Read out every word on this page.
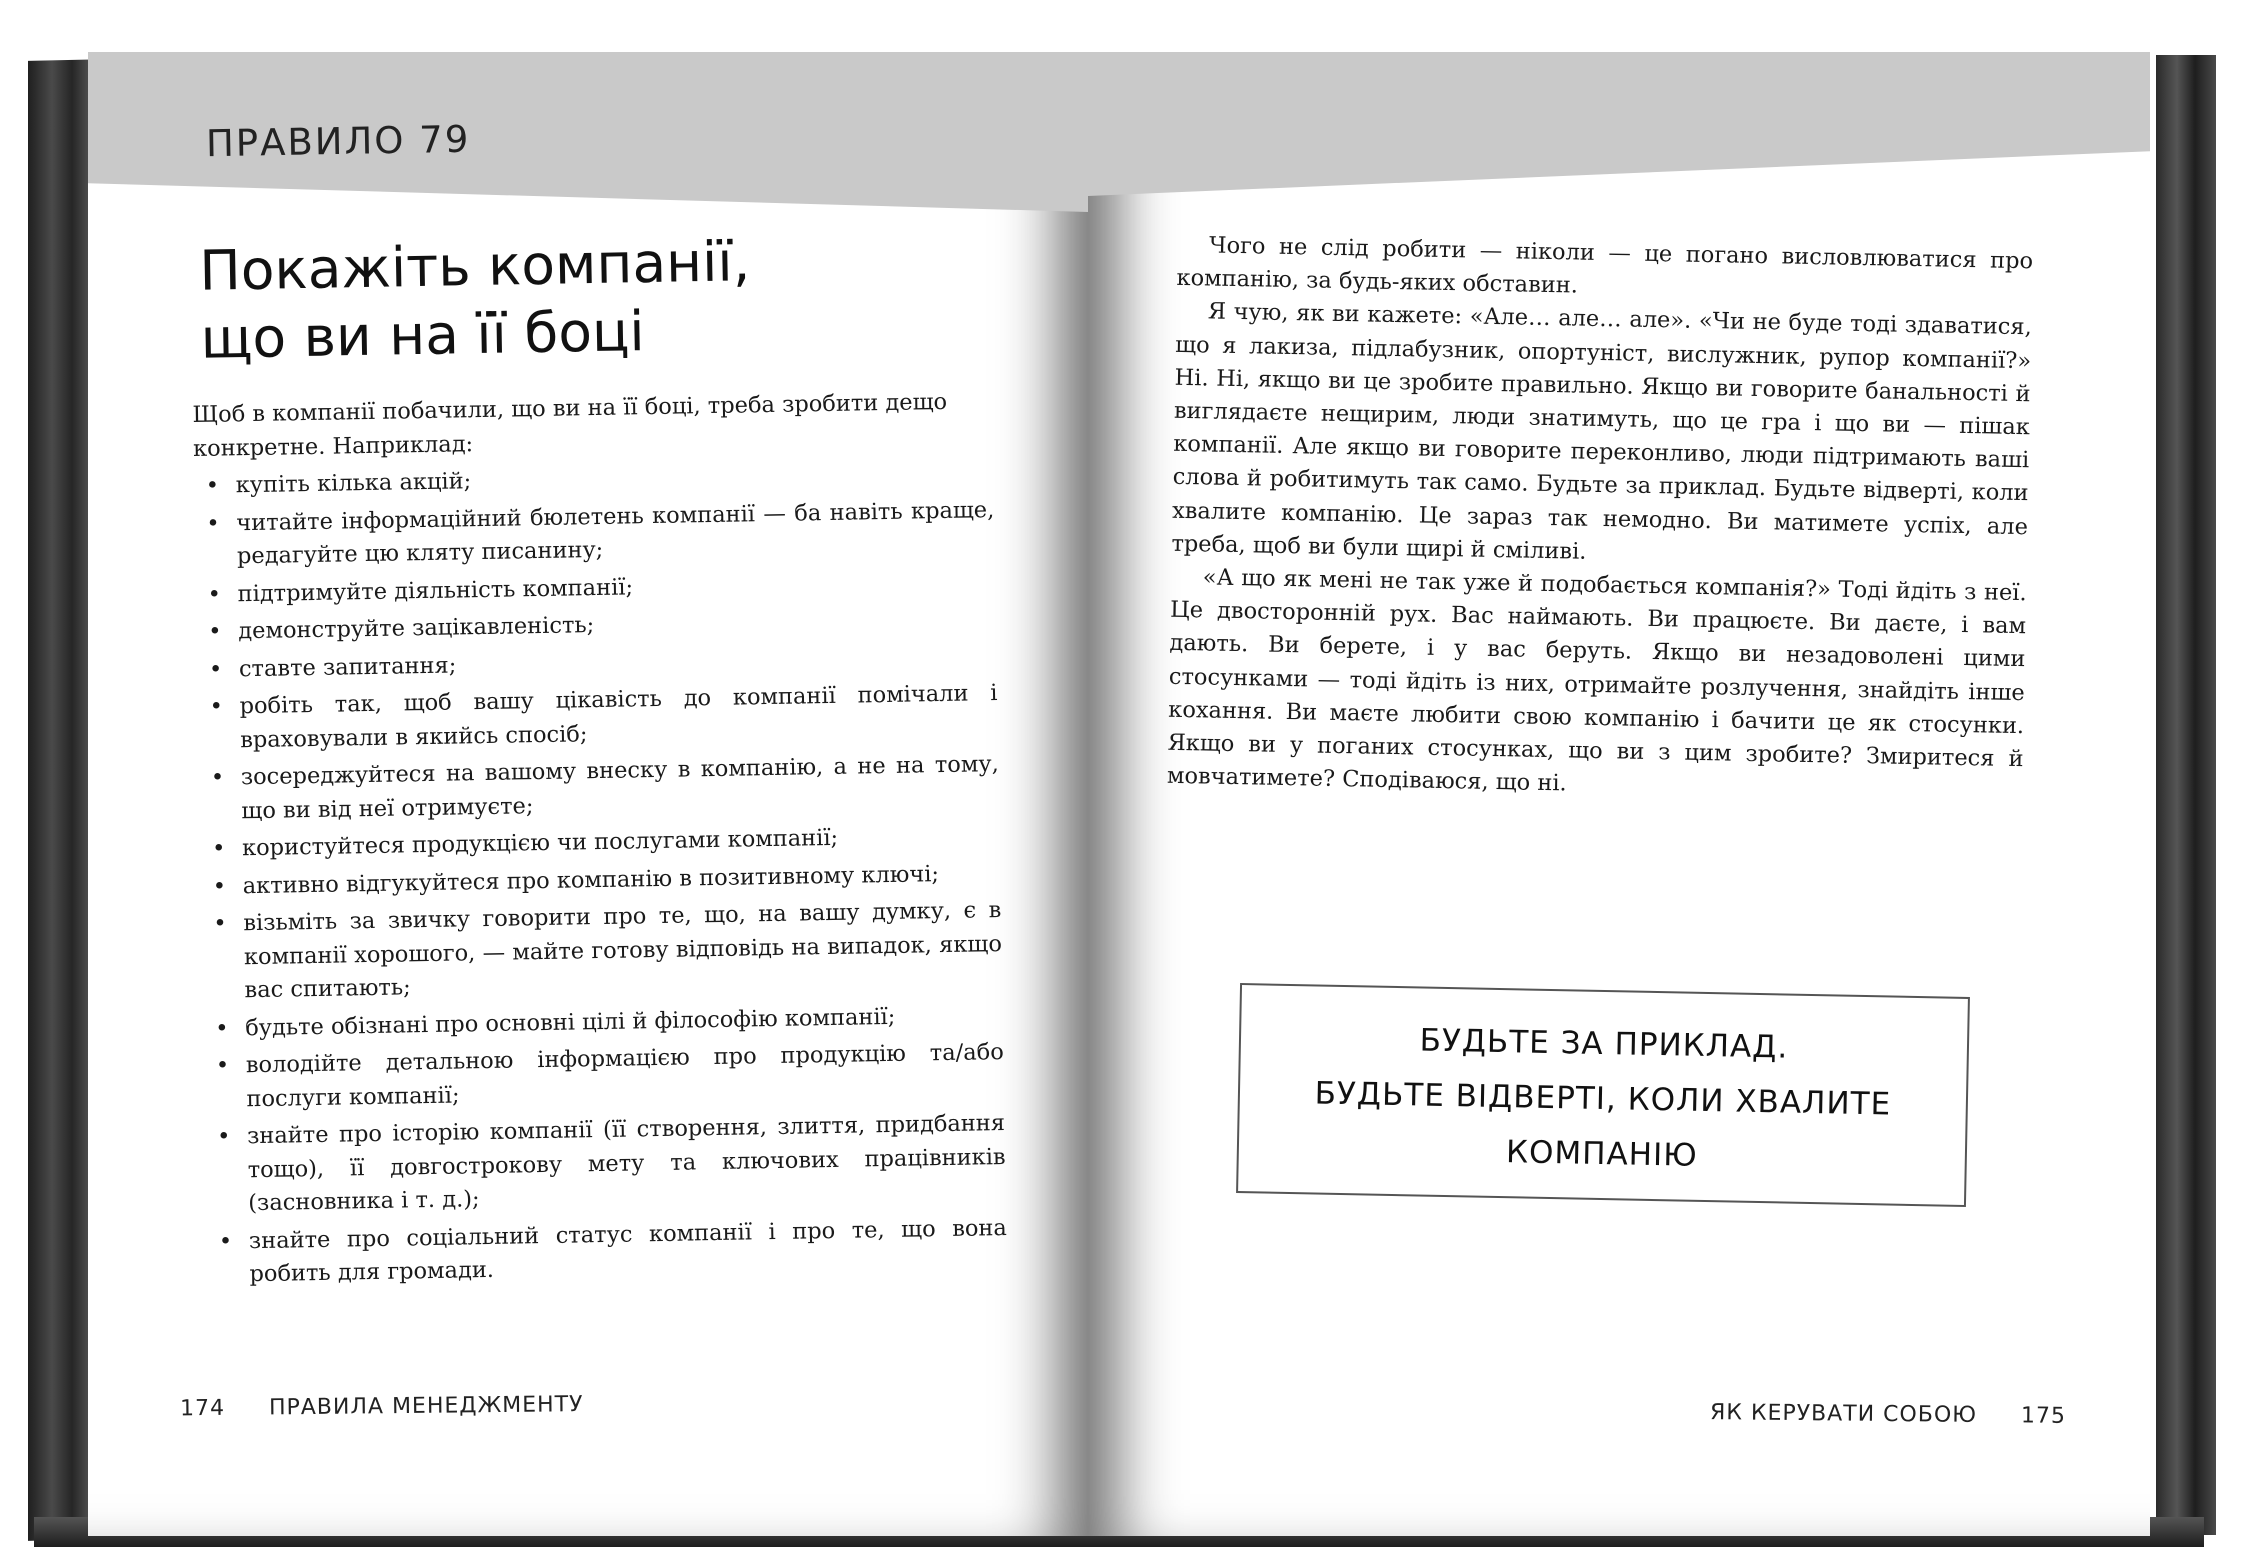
ПРАВИЛО 79
Покажіть компанії,
що ви на її боці

Щоб в компанії побачили, що ви на її боці, треба зробити дещо конкретне. Наприклад:

• купіть кілька акцій;
• читайте інформаційний бюлетень компанії — ба навіть краще, редагуйте цю кляту писанину;
• підтримуйте діяльність компанії;
• демонструйте зацікавленість;
• ставте запитання;
• робіть так, щоб вашу цікавість до компанії помічали і враховували в якийсь спосіб;
• зосереджуйтеся на вашому внеску в компанію, а не на тому, що ви від неї отримуєте;
• користуйтеся продукцією чи послугами компанії;
• активно відгукуйтеся про компанію в позитивному ключі;
• візьміть за звичку говорити про те, що, на вашу думку, є в компанії хорошого, — майте готову відповідь на випадок, якщо вас спитають;
• будьте обізнані про основні цілі й філософію компанії;
• володійте детальною інформацією про продукцію та/або послуги компанії;
• знайте про історію компанії (її створення, злиття, придбання тощо), її довгострокову мету та ключових працівників (засновника і т. д.);
• знайте про соціальний статус компанії і про те, що вона робить для громади.
174 ПРАВИЛА МЕНЕДЖМЕНТУ

Чого не слід робити — ніколи — це погано висловлюватися про компанію, за будь-яких обставин.

Я чую, як ви кажете: «Але… але… але». «Чи не буде тоді здаватися, що я лакиза, підлабузник, опортуніст, вислужник, рупор компанії?» Ні. Ні, якщо ви це зробите правильно. Якщо ви говорите банальності й виглядаєте нещирим, люди знатимуть, що це гра і що ви — пішак компанії. Але якщо ви говорите переконливо, люди підтримають ваші слова й робитимуть так само. Будьте за приклад. Будьте відверті, коли хвалите компанію. Це зараз так немодно. Ви матимете успіх, але треба, щоб ви були щирі й сміливі.

«А що як мені не так уже й подобається компанія?» Тоді йдіть з неї. Це двосторонній рух. Вас наймають. Ви працюєте. Ви даєте, і вам дають. Ви берете, і у вас беруть. Якщо ви незадоволені цими стосунками — тоді йдіть із них, отримайте розлучення, знайдіть інше кохання. Ви маєте любити свою компанію і бачити це як стосунки. Якщо ви у поганих стосунках, що ви з цим зробите? Змиритеся й мовчатимете? Сподіваюся, що ні.

БУДЬТЕ ЗА ПРИКЛАД.
БУДЬТЕ ВІДВЕРТІ, КОЛИ ХВАЛИТЕ
КОМПАНІЮ
ЯК КЕРУВАТИ СОБОЮ 175
